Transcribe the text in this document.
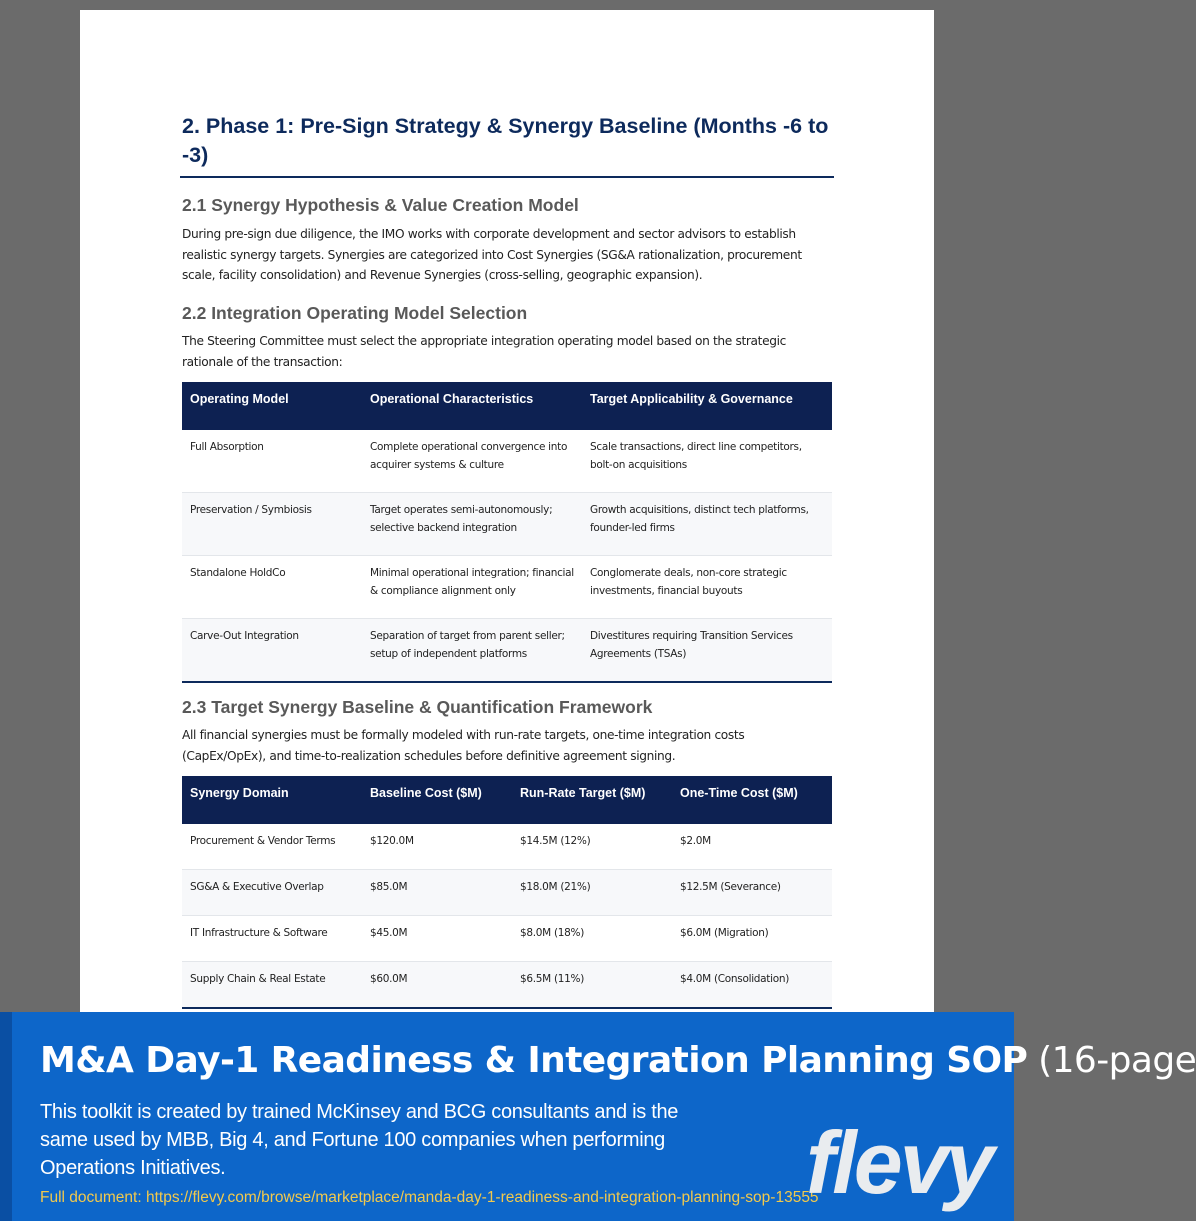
2. Phase 1: Pre-Sign Strategy & Synergy Baseline (Months -6 to -3)
2.1 Synergy Hypothesis & Value Creation Model

During pre-sign due diligence, the IMO works with corporate development and sector advisors to establish realistic synergy targets. Synergies are categorized into Cost Synergies (SG&A rationalization, procurement scale, facility consolidation) and Revenue Synergies (cross-selling, geographic expansion).

2.2 Integration Operating Model Selection

The Steering Committee must select the appropriate integration operating model based on the strategic rationale of the transaction:

Operating Model	Operational Characteristics	Target Applicability & Governance
Full Absorption	Complete operational convergence into acquirer systems & culture	Scale transactions, direct line competitors, bolt-on acquisitions
Preservation / Symbiosis	Target operates semi-autonomously; selective backend integration	Growth acquisitions, distinct tech platforms, founder-led firms
Standalone HoldCo	Minimal operational integration; financial & compliance alignment only	Conglomerate deals, non-core strategic investments, financial buyouts
Carve-Out Integration	Separation of target from parent seller; setup of independent platforms	Divestitures requiring Transition Services Agreements (TSAs)
2.3 Target Synergy Baseline & Quantification Framework

All financial synergies must be formally modeled with run-rate targets, one-time integration costs (CapEx/OpEx), and time-to-realization schedules before definitive agreement signing.

Synergy Domain	Baseline Cost ($M)	Run-Rate Target ($M)	One-Time Cost ($M)
Procurement & Vendor Terms	$120.0M	$14.5M (12%)	$2.0M
SG&A & Executive Overlap	$85.0M	$18.0M (21%)	$12.5M (Severance)
IT Infrastructure & Software	$45.0M	$8.0M (18%)	$6.0M (Migration)
Supply Chain & Real Estate	$60.0M	$6.5M (11%)	$4.0M (Consolidation)
M&A Day-1 Readiness & Integration Planning SOP (16-page
This toolkit is created by trained McKinsey and BCG consultants and is the same used by MBB, Big 4, and Fortune 100 companies when performing Operations Initiatives.
Full document: https://flevy.com/browse/marketplace/manda-day-1-readiness-and-integration-planning-sop-13555
flevy
